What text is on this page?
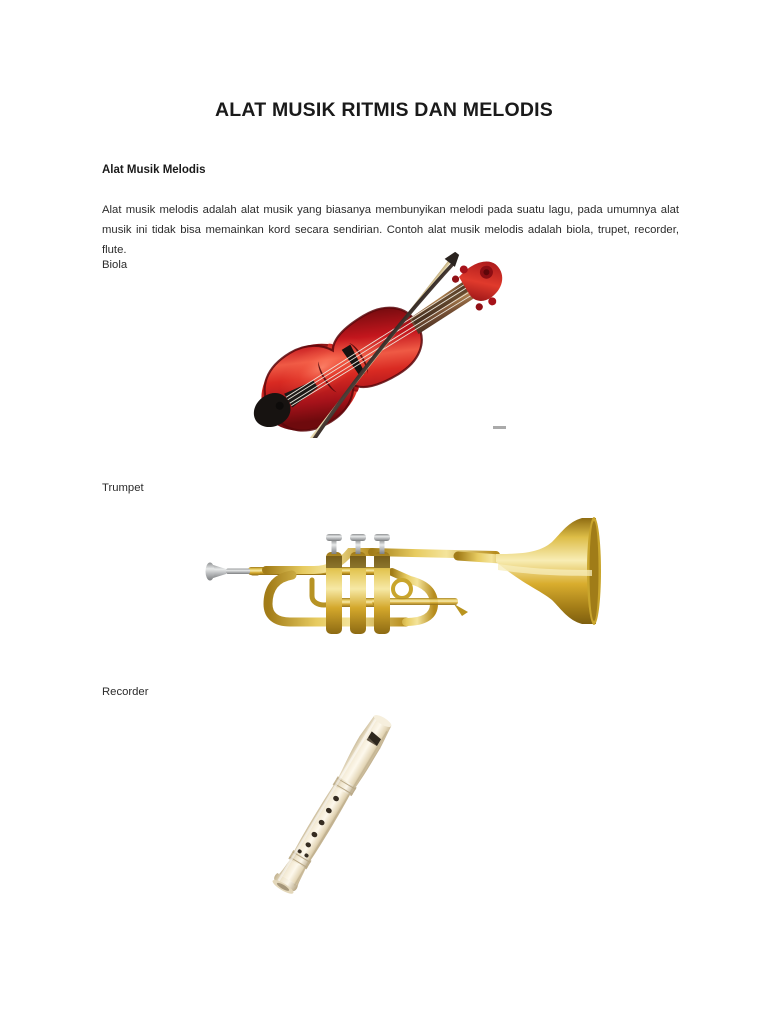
ALAT MUSIK RITMIS DAN MELODIS
Alat Musik Melodis

Alat musik melodis adalah alat musik yang biasanya membunyikan melodi pada suatu lagu, pada umumnya alat musik ini tidak bisa memainkan kord secara sendirian. Contoh alat musik melodis adalah biola, trupet, recorder, flute.

Biola
Trumpet
Recorder
